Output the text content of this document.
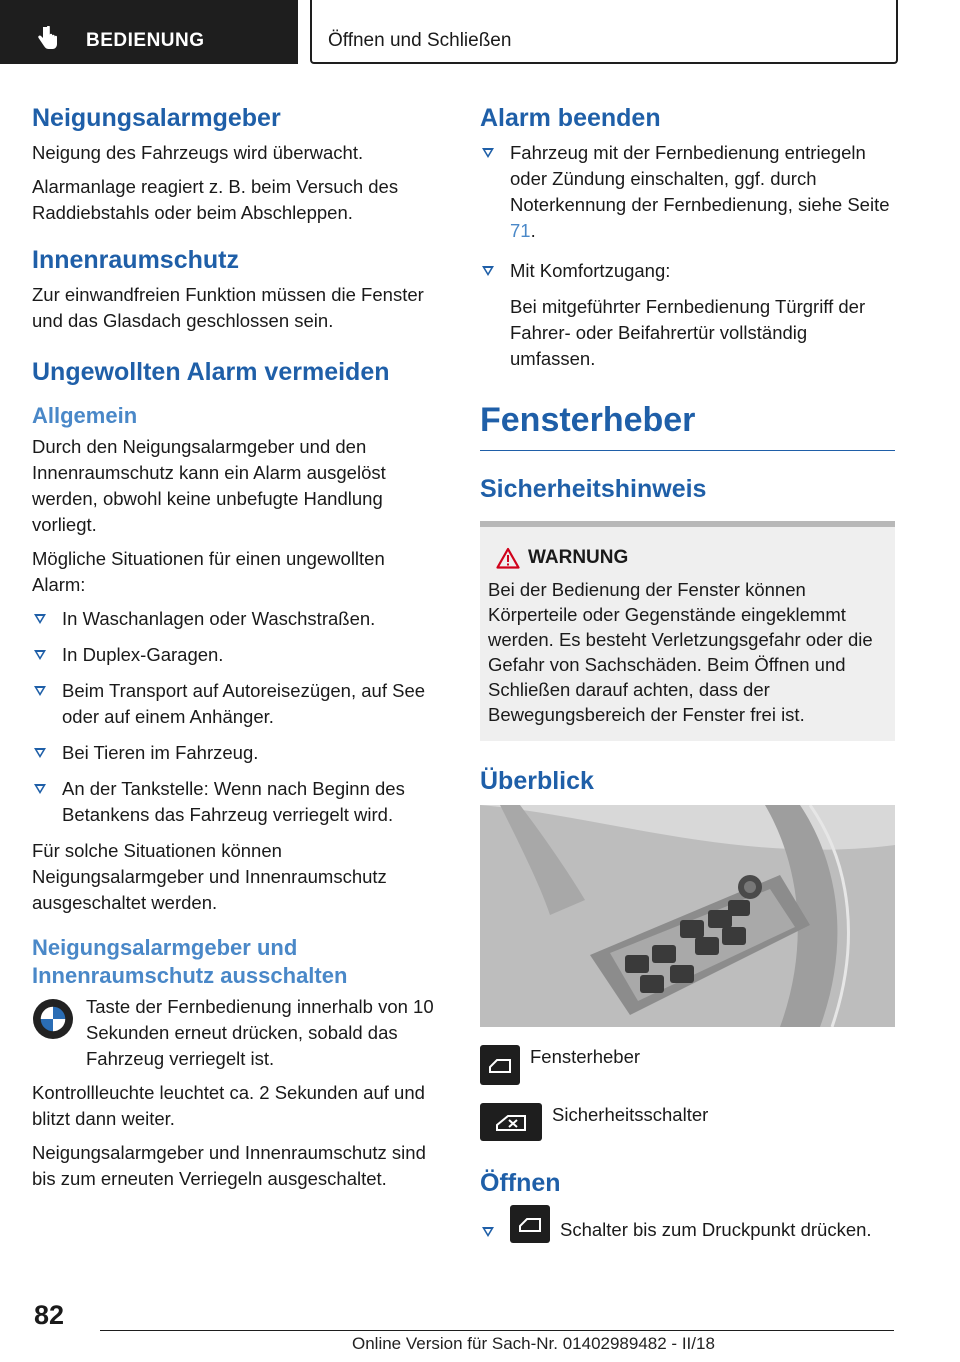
BEDIENUNG	Öffnen und Schließen
Neigungsalarmgeber

Neigung des Fahrzeugs wird überwacht.

Alarmanlage reagiert z. B. beim Versuch des Raddiebstahls oder beim Abschleppen.

Innenraumschutz

Zur einwandfreien Funktion müssen die Fenster und das Glasdach geschlossen sein.

Ungewollten Alarm vermeiden
Allgemein

Durch den Neigungsalarmgeber und den Innenraumschutz kann ein Alarm ausgelöst werden, obwohl keine unbefugte Handlung vorliegt.

Mögliche Situationen für einen ungewollten Alarm:

In Waschanlagen oder Waschstraßen.
In Duplex-Garagen.
Beim Transport auf Autoreisezügen, auf See oder auf einem Anhänger.
Bei Tieren im Fahrzeug.
An der Tankstelle: Wenn nach Beginn des Betankens das Fahrzeug verriegelt wird.

Für solche Situationen können Neigungsalarmgeber und Innenraumschutz ausgeschaltet werden.

Neigungsalarmgeber und Innenraumschutz ausschalten

Taste der Fernbedienung innerhalb von 10 Sekunden erneut drücken, sobald das Fahrzeug verriegelt ist.

Kontrollleuchte leuchtet ca. 2 Sekunden auf und blitzt dann weiter.

Neigungsalarmgeber und Innenraumschutz sind bis zum erneuten Verriegeln ausgeschaltet.

Alarm beenden
Fahrzeug mit der Fernbedienung entriegeln oder Zündung einschalten, ggf. durch Noterkennung der Fernbedienung, siehe Seite 71.
Mit Komfortzugang:
Bei mitgeführter Fernbedienung Türgriff der Fahrer- oder Beifahrertür vollständig umfassen.
Fensterheber
Sicherheitshinweis
WARNUNG

Bei der Bedienung der Fenster können Körperteile oder Gegenstände eingeklemmt werden. Es besteht Verletzungsgefahr oder die Gefahr von Sachschäden. Beim Öffnen und Schließen darauf achten, dass der Bewegungsbereich der Fenster frei ist.

Überblick
Fensterheber
Sicherheitsschalter
Öffnen
Schalter bis zum Druckpunkt drücken.
82
Online Version für Sach-Nr. 01402989482 - II/18
